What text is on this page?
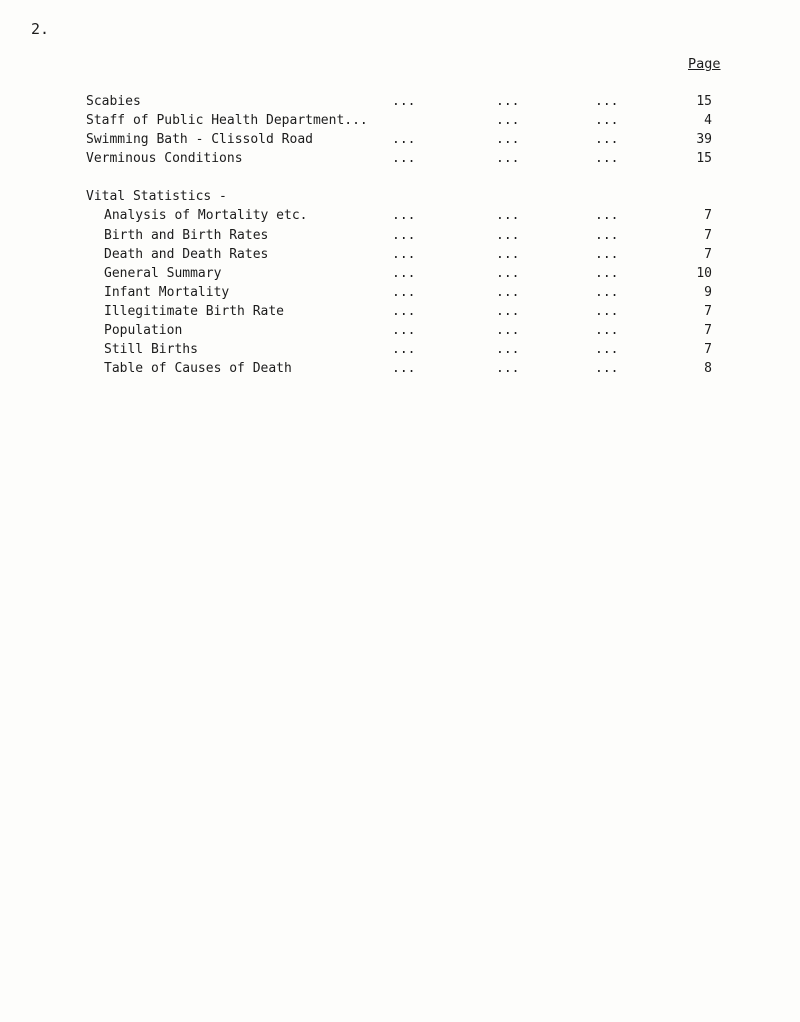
2.
Page
Scabies	...	...	...	15
Staff of Public Health Department...	...	...	4
Swimming Bath - Clissold Road	...	...	...	39
Verminous Conditions	...	...	...	15
Vital Statistics -
Analysis of Mortality etc.	...	...	...	7
Birth and Birth Rates	...	...	...	7
Death and Death Rates	...	...	...	7
General Summary	...	...	...	10
Infant Mortality	...	...	...	9
Illegitimate Birth Rate	...	...	...	7
Population	...	...	...	7
Still Births	...	...	...	7
Table of Causes of Death	...	...	...	8
